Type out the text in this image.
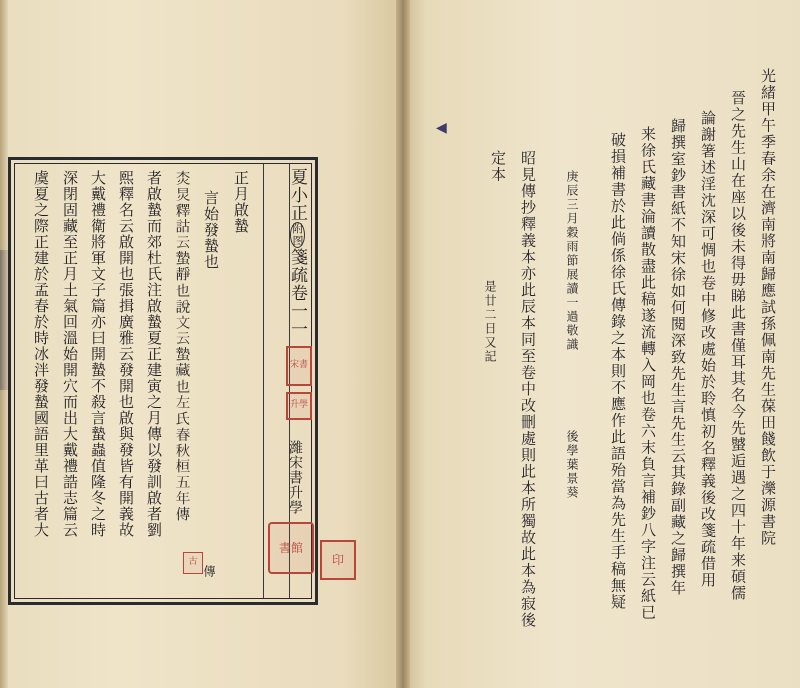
夏小正附图箋疏卷一一
正月啟蟄
言始發蟄也
傳
𤆰炅釋詁云蟄靜也說文云蟄藏也左氏春秋桓五年傳
者啟蟄而郊杜氏注啟蟄夏正建寅之月傳以發訓啟者劉
熙釋名云啟開也張揖廣雅云發開也啟與發皆有開義故
大戴禮衛將軍文子篇亦曰開蟄不殺言蟄蟲值隆冬之時
深閉固藏至正月土氣回溫始開穴而出大戴禮誥志篇云
虞夏之際正建於孟春於時冰泮發蟄國語里革曰古者大	濰宋書升學
宋書
升學
古
書館
印
光緒甲午季春余在濟南將南歸應試孫佩南先生葆田餞飲于濼源書院
晉之先生山在座以後未得毋睇此書僅耳其名今先蠈逅遇之四十年来碩儒
論謝箸述淫沈深可惆也卷中修改處始於聆慎初名釋義後改箋疏借用
歸撰室鈔書紙不知宋徐如何閱深致先生言先生云其錄副藏之歸撰年
来徐氏藏書淪讀散盡此稿遂流轉入岡也卷六末負言補鈔八字注云紙已
破損補書於此倘係徐氏傳錄之本則不應作此語殆當為先生手稿無疑
庚辰三月穀雨節展讀一過敬識
後學葉景葵
昭見傳抄釋義本亦此辰本同至卷中改刪處則此本所獨故此本為寂後
定本
是廿二日又記
◀
